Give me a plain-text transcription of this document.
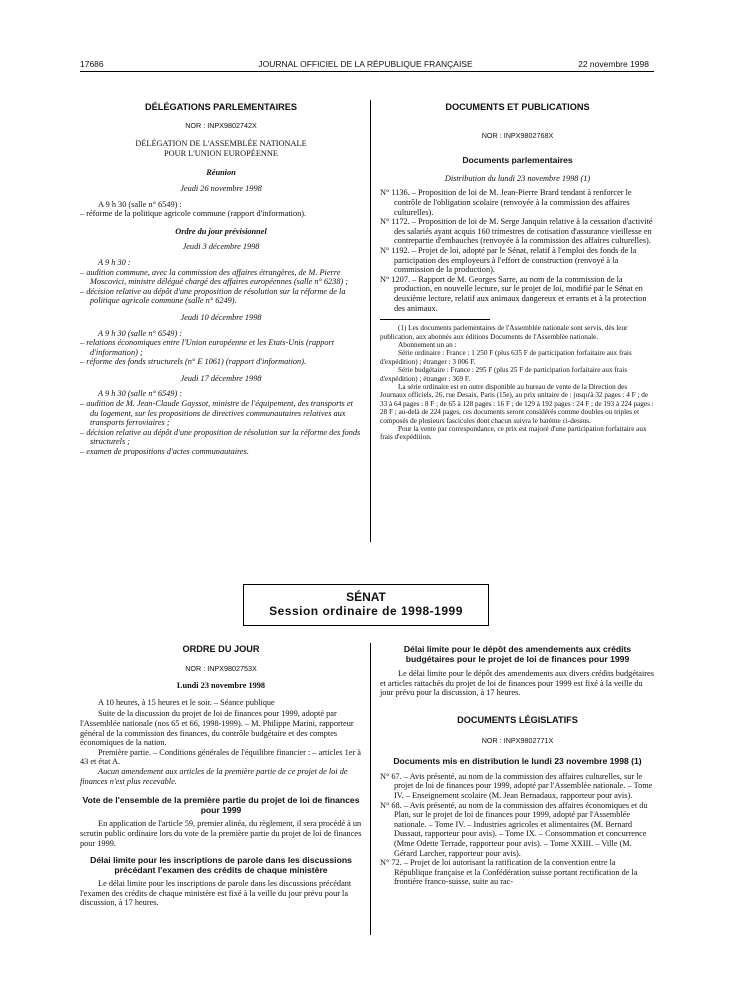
17686	JOURNAL OFFICIEL DE LA RÉPUBLIQUE FRANÇAISE	22 novembre 1998

DÉLÉGATIONS PARLEMENTAIRES

NOR : INPX9802742X

DÉLÉGATION DE L'ASSEMBLÉE NATIONALE

POUR L'UNION EUROPÉENNE

Réunion

Jeudi 26 novembre 1998

A 9 h 30 (salle n° 6549) :

– réforme de la politique agricole commune (rapport d'information).

Ordre du jour prévisionnel

Jeudi 3 décembre 1998

A 9 h 30 :

– audition commune, avec la commission des affaires étrangères, de M. Pierre Moscovici, ministre délégué chargé des affaires européennes (salle n° 6238) ;

– décision relative au dépôt d'une proposition de résolution sur la réforme de la politique agricole commune (salle n° 6249).

Jeudi 10 décembre 1998

A 9 h 30 (salle n° 6549) :

– relations économiques entre l'Union européenne et les Etats-Unis (rapport d'information) ;

– réforme des fonds structurels (n° E 1061) (rapport d'information).

Jeudi 17 décembre 1998

A 9 h 30 (salle n° 6549) :

– audition de M. Jean-Claude Gayssot, ministre de l'équipement, des transports et du logement, sur les propositions de directives communautaires relatives aux transports ferroviaires ;

– décision relative au dépôt d'une proposition de résolution sur la réforme des fonds structurels ;

– examen de propositions d'actes communautaires.

DOCUMENTS ET PUBLICATIONS

NOR : INPX9802768X

Documents parlementaires

Distribution du lundi 23 novembre 1998 (1)

N° 1136. – Proposition de loi de M. Jean-Pierre Brard tendant à renforcer le contrôle de l'obligation scolaire (renvoyée à la commission des affaires culturelles).

N° 1172. – Proposition de loi de M. Serge Janquin relative à la cessation d'activité des salariés ayant acquis 160 trimestres de cotisation d'assurance vieillesse en contrepartie d'embauches (renvoyée à la commission des affaires culturelles).

N° 1192. – Projet de loi, adopté par le Sénat, relatif à l'emploi des fonds de la participation des employeurs à l'effort de construction (renvoyé à la commission de la production).

N° 1207. – Rapport de M. Georges Sarre, au nom de la commission de la production, en nouvelle lecture, sur le projet de loi, modifié par le Sénat en deuxième lecture, relatif aux animaux dangereux et errants et à la protection des animaux.

(1) Les documents parlementaires de l'Assemblée nationale sont servis, dès leur publication, aux abonnés aux éditions Documents de l'Assemblée nationale.

Abonnement un an :

Série ordinaire : France : 1 250 F (plus 635 F de participation forfaitaire aux frais d'expédition) ; étranger : 3 006 F.

Série budgétaire : France : 295 F (plus 25 F de participation forfaitaire aux frais d'expédition) ; étranger : 369 F.

La série ordinaire est en outre disponible au bureau de vente de la Direction des Journaux officiels, 26, rue Desaix, Paris (15e), au prix unitaire de : jusqu'à 32 pages : 4 F ; de 33 à 64 pages : 8 F ; de 65 à 128 pages : 16 F ; de 129 à 192 pages : 24 F ; de 193 à 224 pages : 28 F ; au-delà de 224 pages, ces documents seront considérés comme doubles ou triples et composés de plusieurs fascicules dont chacun suivra le barème ci-dessus.

Pour la vente par correspondance, ce prix est majoré d'une participation forfaitaire aux frais d'expédition.

SÉNAT
Session ordinaire de 1998-1999

ORDRE DU JOUR

NOR : INPX9802753X

Lundi 23 novembre 1998

A 10 heures, à 15 heures et le soir. – Séance publique

Suite de la discussion du projet de loi de finances pour 1999, adopté par l'Assemblée nationale (nos 65 et 66, 1998-1999). – M. Philippe Marini, rapporteur général de la commission des finances, du contrôle budgétaire et des comptes économiques de la nation.

Première partie. – Conditions générales de l'équilibre financier : – articles 1er à 43 et état A.

Aucun amendement aux articles de la première partie de ce projet de loi de finances n'est plus recevable.

Vote de l'ensemble de la première partie du projet de loi de finances pour 1999

En application de l'article 59, premier alinéa, du règlement, il sera procédé à un scrutin public ordinaire lors du vote de la première partie du projet de loi de finances pour 1999.

Délai limite pour les inscriptions de parole dans les discussions précédant l'examen des crédits de chaque ministère

Le délai limite pour les inscriptions de parole dans les discussions précédant l'examen des crédits de chaque ministère est fixé à la veille du jour prévu pour la discussion, à 17 heures.

Délai limite pour le dépôt des amendements aux crédits budgétaires pour le projet de loi de finances pour 1999

Le délai limite pour le dépôt des amendements aux divers crédits budgétaires et articles rattachés du projet de loi de finances pour 1999 est fixé à la veille du jour prévu pour la discussion, à 17 heures.

DOCUMENTS LÉGISLATIFS

NOR : INPX9802771X

Documents mis en distribution le lundi 23 novembre 1998 (1)

N° 67. – Avis présenté, au nom de la commission des affaires culturelles, sur le projet de loi de finances pour 1999, adopté par l'Assemblée nationale. – Tome IV. – Enseignement scolaire (M. Jean Bernadaux, rapporteur pour avis).

N° 68. – Avis présenté, au nom de la commission des affaires économiques et du Plan, sur le projet de loi de finances pour 1999, adopté par l'Assemblée nationale. – Tome IV. – Industries agricoles et alimentaires (M. Bernard Dussaut, rapporteur pour avis). – Tome IX. – Consommation et concurrence (Mme Odette Terrade, rapporteur pour avis). – Tome XXIII. – Ville (M. Gérard Larcher, rapporteur pour avis).

N° 72. – Projet de loi autorisant la ratification de la convention entre la République française et la Confédération suisse portant rectification de la frontière franco-suisse, suite au rac-
